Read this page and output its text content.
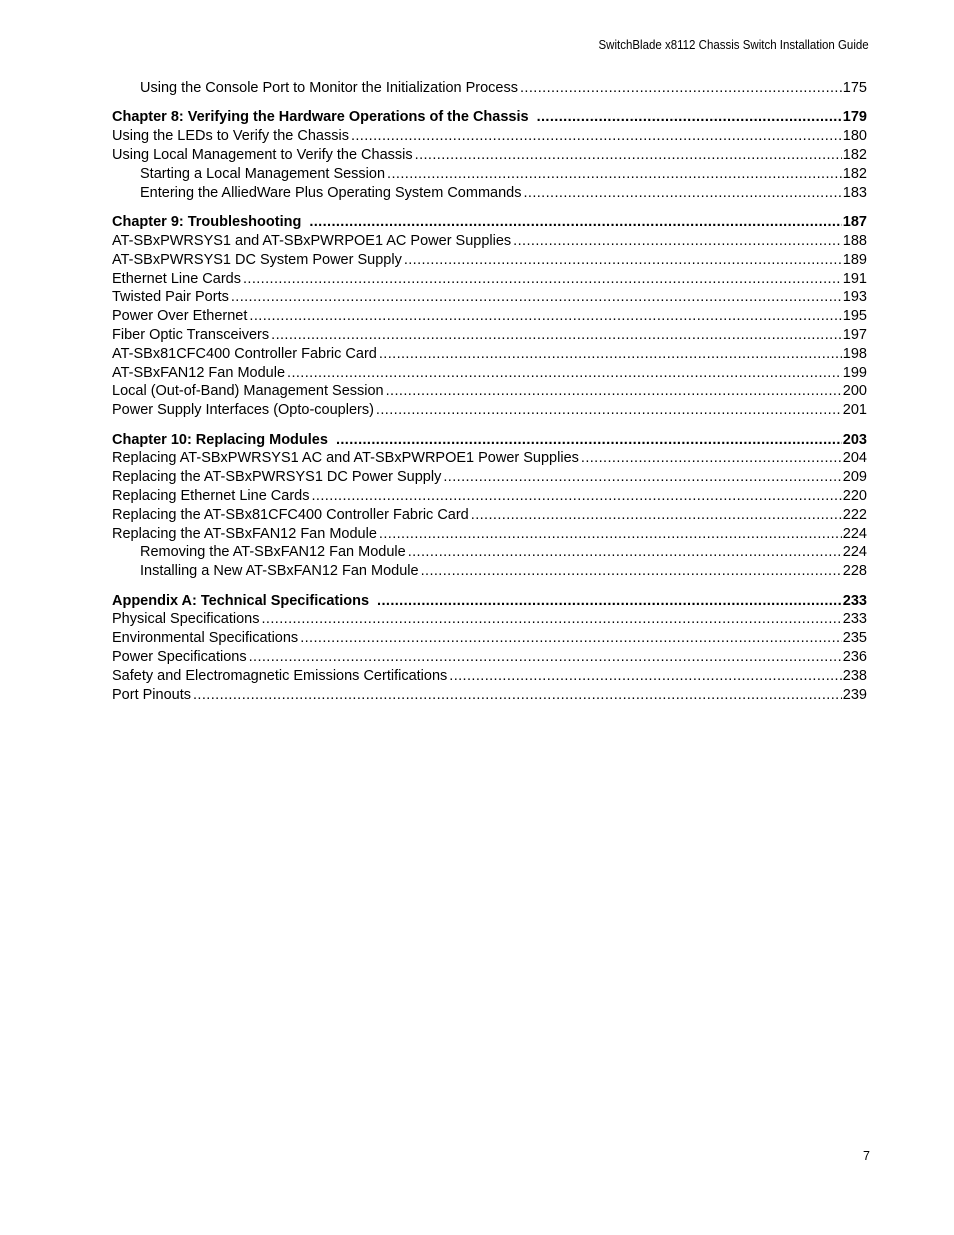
SwitchBlade x8112 Chassis Switch Installation Guide
Using the Console Port to Monitor the Initialization Process .....	175
Chapter 8: Verifying the Hardware Operations of the Chassis .....	179
Using the LEDs to Verify the Chassis .....	180
Using Local Management to Verify the Chassis .....	182
Starting a Local Management Session .....	182
Entering the AlliedWare Plus Operating System Commands .....	183
Chapter 9: Troubleshooting .....	187
AT-SBxPWRSYS1 and AT-SBxPWRPOE1 AC Power Supplies .....	188
AT-SBxPWRSYS1 DC System Power Supply .....	189
Ethernet Line Cards .....	191
Twisted Pair Ports .....	193
Power Over Ethernet .....	195
Fiber Optic Transceivers .....	197
AT-SBx81CFC400 Controller Fabric Card .....	198
AT-SBxFAN12 Fan Module .....	199
Local (Out-of-Band) Management Session .....	200
Power Supply Interfaces (Opto-couplers) .....	201
Chapter 10: Replacing Modules .....	203
Replacing AT-SBxPWRSYS1 AC and AT-SBxPWRPOE1 Power Supplies .....	204
Replacing the AT-SBxPWRSYS1 DC Power Supply .....	209
Replacing Ethernet Line Cards .....	220
Replacing the AT-SBx81CFC400 Controller Fabric Card .....	222
Replacing the AT-SBxFAN12 Fan Module .....	224
Removing the AT-SBxFAN12 Fan Module .....	224
Installing a New AT-SBxFAN12 Fan Module .....	228
Appendix A: Technical Specifications .....	233
Physical Specifications .....	233
Environmental Specifications .....	235
Power Specifications .....	236
Safety and Electromagnetic Emissions Certifications .....	238
Port Pinouts .....	239
7
